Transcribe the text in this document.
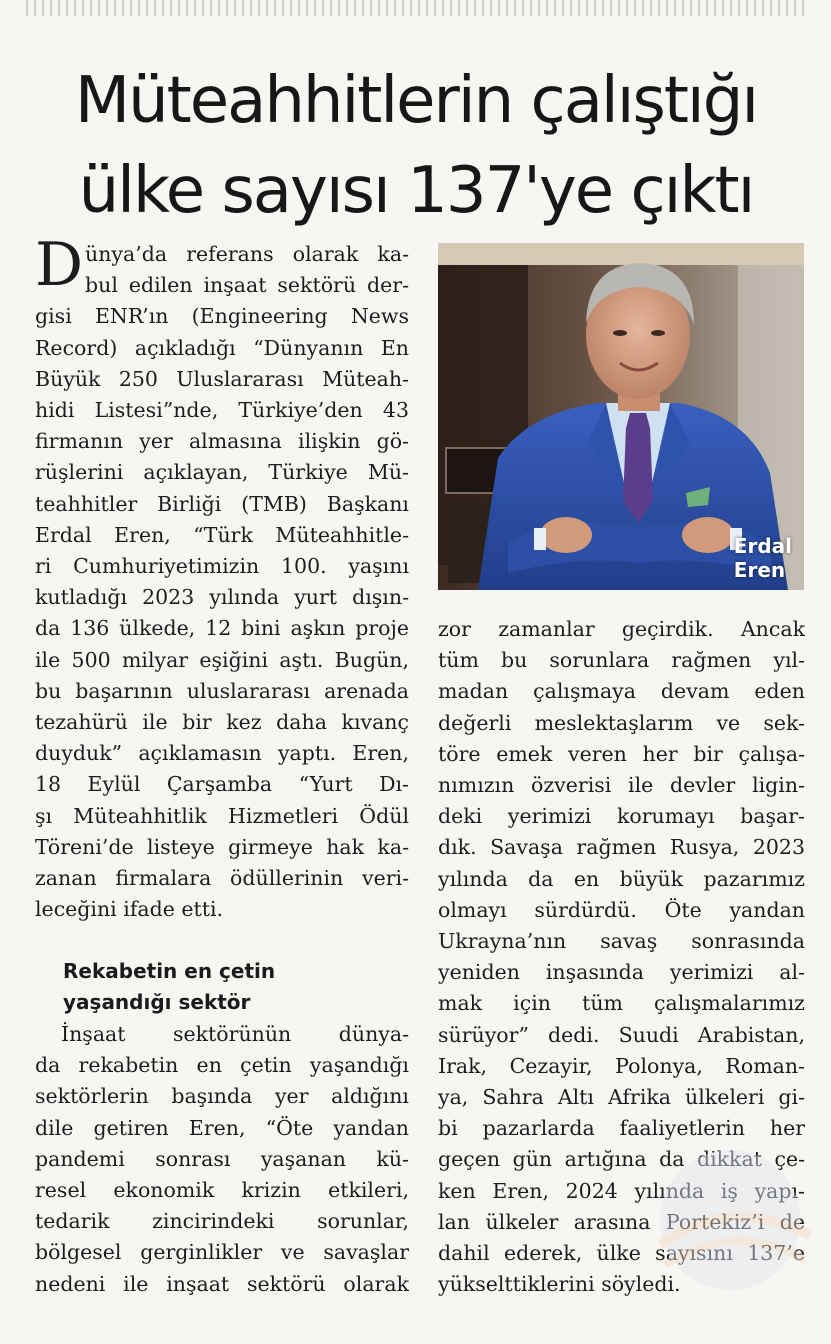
Müteahhitlerin çalıştığı
ülke sayısı 137'ye çıktı
D ünya’da referans olarak ka-
bul edilen inşaat sektörü der-
gisi ENR’ın (Engineering News
Record) açıkladığı “Dünyanın En
Büyük 250 Uluslararası Müteah-
hidi Listesi”nde, Türkiye’den 43
firmanın yer almasına ilişkin gö-
rüşlerini açıklayan, Türkiye Mü-
teahhitler Birliği (TMB) Başkanı
Erdal Eren, “Türk Müteahhitle-
ri Cumhuriyetimizin 100. yaşını
kutladığı 2023 yılında yurt dışın-
da 136 ülkede, 12 bini aşkın proje
ile 500 milyar eşiğini aştı. Bugün,
bu başarının uluslararası arenada
tezahürü ile bir kez daha kıvanç
duyduk” açıklamasın yaptı. Eren,
18 Eylül Çarşamba “Yurt Dı-
şı Müteahhitlik Hizmetleri Ödül
Töreni’de listeye girmeye hak ka-
zanan firmalara ödüllerinin veri-
leceğini ifade etti.
Rekabetin en çetin
yaşandığı sektör
İnşaat sektörünün dünya-
da rekabetin en çetin yaşandığı
sektörlerin başında yer aldığını
dile getiren Eren, “Öte yandan
pandemi sonrası yaşanan kü-
resel ekonomik krizin etkileri,
tedarik zincirindeki sorunlar,
bölgesel gerginlikler ve savaşlar
nedeni ile inşaat sektörü olarak
Erdal
Eren
zor zamanlar geçirdik. Ancak
tüm bu sorunlara rağmen yıl-
madan çalışmaya devam eden
değerli meslektaşlarım ve sek-
töre emek veren her bir çalışa-
nımızın özverisi ile devler ligin-
deki yerimizi korumayı başar-
dık. Savaşa rağmen Rusya, 2023
yılında da en büyük pazarımız
olmayı sürdürdü. Öte yandan
Ukrayna’nın savaş sonrasında
yeniden inşasında yerimizi al-
mak için tüm çalışmalarımız
sürüyor” dedi. Suudi Arabistan,
Irak, Cezayir, Polonya, Roman-
ya, Sahra Altı Afrika ülkeleri gi-
bi pazarlarda faaliyetlerin her
geçen gün artığına da dikkat çe-
ken Eren, 2024 yılında iş yapı-
lan ülkeler arasına Portekiz’i de
dahil ederek, ülke sayısını 137’e
yükselttiklerini söyledi.
